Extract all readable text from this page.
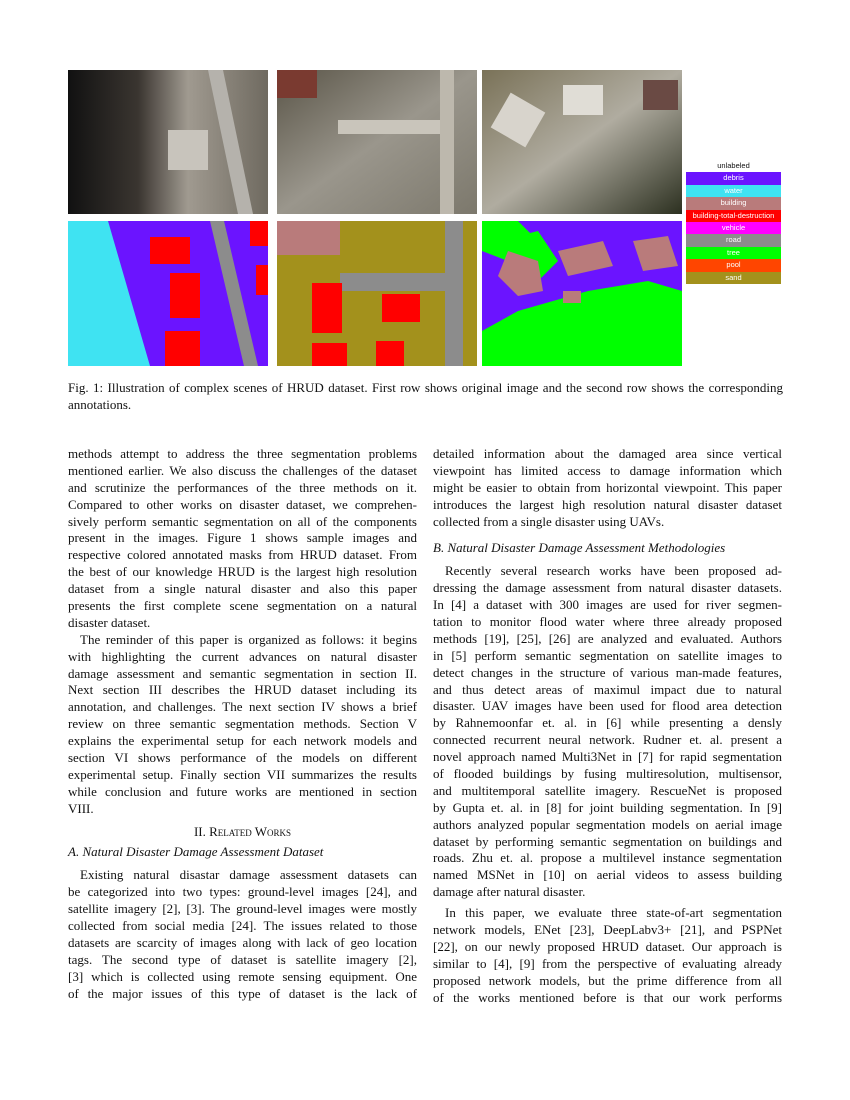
unlabeled
debris
water
building
building-total-destruction
vehicle
road
tree
pool
sand
Fig. 1: Illustration of complex scenes of HRUD dataset. First row shows original image and the second row shows the corresponding annotations.
methods attempt to address the three segmentation problems
mentioned earlier. We also discuss the challenges of the dataset
and scrutinize the performances of the three methods on it.
Compared to other works on disaster dataset, we comprehen-
sively perform semantic segmentation on all of the components
present in the images. Figure 1 shows sample images and
respective colored annotated masks from HRUD dataset. From
the best of our knowledge HRUD is the largest high resolution
dataset from a single natural disaster and also this paper
presents the first complete scene segmentation on a natural
disaster dataset.
The reminder of this paper is organized as follows: it begins
with highlighting the current advances on natural disaster
damage assessment and semantic segmentation in section II.
Next section III describes the HRUD dataset including its
annotation, and challenges. The next section IV shows a brief
review on three semantic segmentation methods. Section V
explains the experimental setup for each network models and
section VI shows performance of the models on different
experimental setup. Finally section VII summarizes the results
while conclusion and future works are mentioned in section
VIII.
II. Related Works
A. Natural Disaster Damage Assessment Dataset
Existing natural disastar damage assessment datasets can
be categorized into two types: ground-level images [24], and
satellite imagery [2], [3]. The ground-level images were mostly
collected from social media [24]. The issues related to those
datasets are scarcity of images along with lack of geo location
tags. The second type of dataset is satellite imagery [2],
[3] which is collected using remote sensing equipment. One
of the major issues of this type of dataset is the lack of
detailed information about the damaged area since vertical
viewpoint has limited access to damage information which
might be easier to obtain from horizontal viewpoint. This paper
introduces the largest high resolution natural disaster dataset
collected from a single disaster using UAVs.
B. Natural Disaster Damage Assessment Methodologies
Recently several research works have been proposed ad-
dressing the damage assessment from natural disaster datasets.
In [4] a dataset with 300 images are used for river segmen-
tation to monitor flood water where three already proposed
methods [19], [25], [26] are analyzed and evaluated. Authors
in [5] perform semantic segmentation on satellite images to
detect changes in the structure of various man-made features,
and thus detect areas of maximul impact due to natural
disaster. UAV images have been used for flood area detection
by Rahnemoonfar et. al. in [6] while presenting a densly
connected recurrent neural network. Rudner et. al. present a
novel approach named Multi3Net in [7] for rapid segmentation
of flooded buildings by fusing multiresolution, multisensor,
and multitemporal satellite imagery. RescueNet is proposed
by Gupta et. al. in [8] for joint building segmentation. In [9]
authors analyzed popular segmentation models on aerial image
dataset by performing semantic segmentation on buildings and
roads. Zhu et. al. propose a multilevel instance segmentation
named MSNet in [10] on aerial videos to assess building
damage after natural disaster.
In this paper, we evaluate three state-of-art segmentation
network models, ENet [23], DeepLabv3+ [21], and PSPNet
[22], on our newly proposed HRUD dataset. Our approach is
similar to [4], [9] from the perspective of evaluating already
proposed network models, but the prime difference from all
of the works mentioned before is that our work performs
